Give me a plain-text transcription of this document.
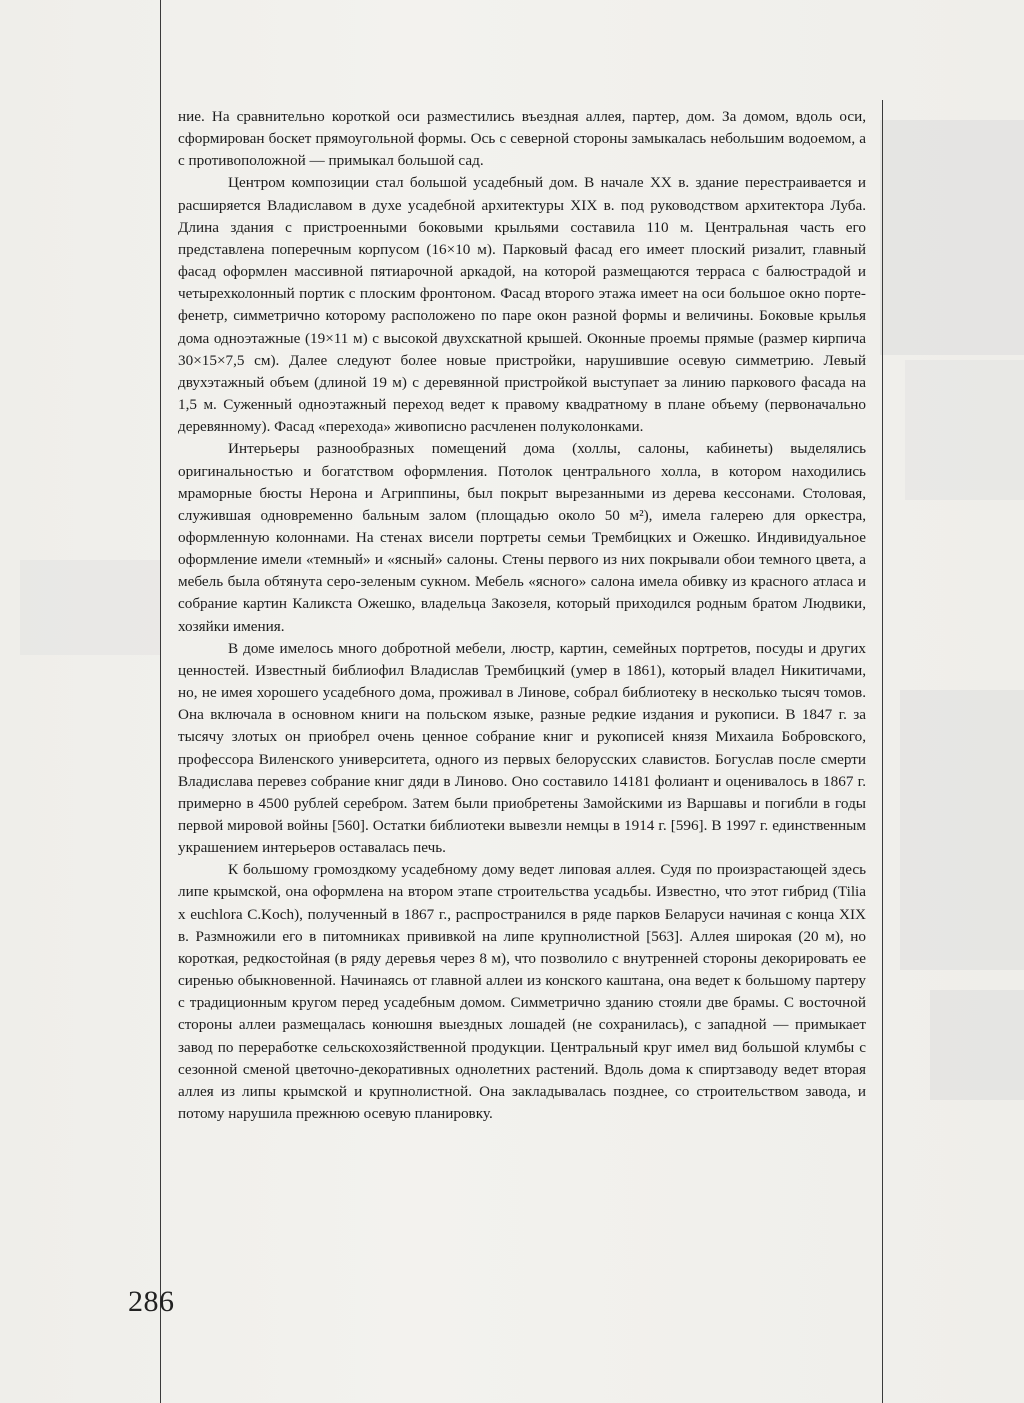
ние. На сравнительно короткой оси разместились въездная аллея, партер, дом. За домом, вдоль оси, сформирован боскет прямоугольной формы. Ось с северной стороны замыкалась небольшим водоемом, а с противоположной — примыкал большой сад.

Центром композиции стал большой усадебный дом. В начале XX в. здание перестраивается и расширяется Владиславом в духе усадебной архитектуры XIX в. под руководством архитектора Луба. Длина здания с пристроенными боковыми крыльями составила 110 м. Центральная часть его представлена поперечным корпусом (16×10 м). Парковый фасад его имеет плоский ризалит, главный фасад оформлен массивной пятиарочной аркадой, на которой размещаются терраса с балюстрадой и четырехколонный портик с плоским фронтоном. Фасад второго этажа имеет на оси большое окно порте-фенетр, симметрично которому расположено по паре окон разной формы и величины. Боковые крылья дома одноэтажные (19×11 м) с высокой двухскатной крышей. Оконные проемы прямые (размер кирпича 30×15×7,5 см). Далее следуют более новые пристройки, нарушившие осевую симметрию. Левый двухэтажный объем (длиной 19 м) с деревянной пристройкой выступает за линию паркового фасада на 1,5 м. Суженный одноэтажный переход ведет к правому квадратному в плане объему (первоначально деревянному). Фасад «перехода» живописно расчленен полуколонками.

Интерьеры разнообразных помещений дома (холлы, салоны, кабинеты) выделялись оригинальностью и богатством оформления. Потолок центрального холла, в котором находились мраморные бюсты Нерона и Агриппины, был покрыт вырезанными из дерева кессонами. Столовая, служившая одновременно бальным залом (площадью около 50 м²), имела галерею для оркестра, оформленную колоннами. На стенах висели портреты семьи Трембицких и Ожешко. Индивидуальное оформление имели «темный» и «ясный» салоны. Стены первого из них покрывали обои темного цвета, а мебель была обтянута серо-зеленым сукном. Мебель «ясного» салона имела обивку из красного атласа и собрание картин Каликста Ожешко, владельца Закозеля, который приходился родным братом Людвики, хозяйки имения.

В доме имелось много добротной мебели, люстр, картин, семейных портретов, посуды и других ценностей. Известный библиофил Владислав Трембицкий (умер в 1861), который владел Никитичами, но, не имея хорошего усадебного дома, проживал в Линове, собрал библиотеку в несколько тысяч томов. Она включала в основном книги на польском языке, разные редкие издания и рукописи. В 1847 г. за тысячу злотых он приобрел очень ценное собрание книг и рукописей князя Михаила Бобровского, профессора Виленского университета, одного из первых белорусских славистов. Богуслав после смерти Владислава перевез собрание книг дяди в Линово. Оно составило 14181 фолиант и оценивалось в 1867 г. примерно в 4500 рублей серебром. Затем были приобретены Замойскими из Варшавы и погибли в годы первой мировой войны [560]. Остатки библиотеки вывезли немцы в 1914 г. [596]. В 1997 г. единственным украшением интерьеров оставалась печь.

К большому громоздкому усадебному дому ведет липовая аллея. Судя по произрастающей здесь липе крымской, она оформлена на втором этапе строительства усадьбы. Известно, что этот гибрид (Tilia x euchlora C.Koch), полученный в 1867 г., распространился в ряде парков Беларуси начиная с конца XIX в. Размножили его в питомниках прививкой на липе крупнолистной [563]. Аллея широкая (20 м), но короткая, редкостойная (в ряду деревья через 8 м), что позволило с внутренней стороны декорировать ее сиренью обыкновенной. Начинаясь от главной аллеи из конского каштана, она ведет к большому партеру с традиционным кругом перед усадебным домом. Симметрично зданию стояли две брамы. С восточной стороны аллеи размещалась конюшня выездных лошадей (не сохранилась), с западной — примыкает завод по переработке сельскохозяйственной продукции. Центральный круг имел вид большой клумбы с сезонной сменой цветочно-декоративных однолетних растений. Вдоль дома к спиртзаводу ведет вторая аллея из липы крымской и крупнолистной. Она закладывалась позднее, со строительством завода, и потому нарушила прежнюю осевую планировку.

286
